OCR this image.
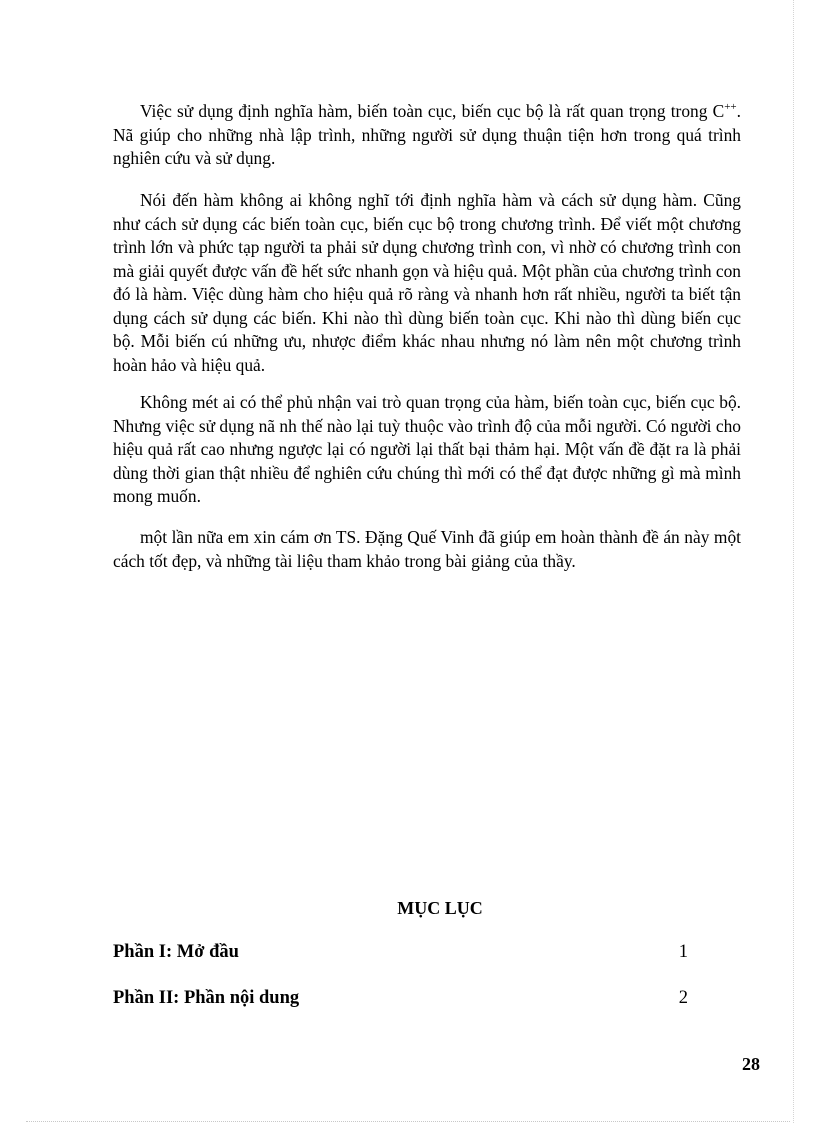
Việc sử dụng định nghĩa hàm, biến toàn cục, biến cục bộ là rất quan trọng trong C++. Nã giúp cho những nhà lập trình, những người sử dụng thuận tiện hơn trong quá trình nghiên cứu và sử dụng.

Nói đến hàm không ai không nghĩ tới định nghĩa hàm và cách sử dụng hàm. Cũng như cách sử dụng các biến toàn cục, biến cục bộ trong chương trình. Để viết một chương trình lớn và phức tạp người ta phải sử dụng chương trình con, vì nhờ có chương trình con mà giải quyết được vấn đề hết sức nhanh gọn và hiệu quả. Một phần của chương trình con đó là hàm. Việc dùng hàm cho hiệu quả rõ ràng và nhanh hơn rất nhiều, người ta biết tận dụng cách sử dụng các biến. Khi nào thì dùng biến toàn cục. Khi nào thì dùng biến cục bộ. Mỗi biến cú những ưu, nhược điểm khác nhau nhưng nó làm nên một chương trình hoàn hảo và hiệu quả.

Không mét ai có thể phủ nhận vai trò quan trọng của hàm, biến toàn cục, biến cục bộ. Nhưng việc sử dụng nã nh thế nào lại tuỳ thuộc vào trình độ của mỗi người. Có người cho hiệu quả rất cao nhưng ngược lại có người lại thất bại thảm hại. Một vấn đề đặt ra là phải dùng thời gian thật nhiều để nghiên cứu chúng thì mới có thể đạt được những gì mà mình mong muốn.

một lần nữa em xin cám ơn TS. Đặng Quế Vinh đã giúp em hoàn thành đề án này một cách tốt đẹp, và những tài liệu tham khảo trong bài giảng của thầy.

MỤC LỤC
Phần I: Mở đầu	1
Phần II: Phần nội dung	2
28
